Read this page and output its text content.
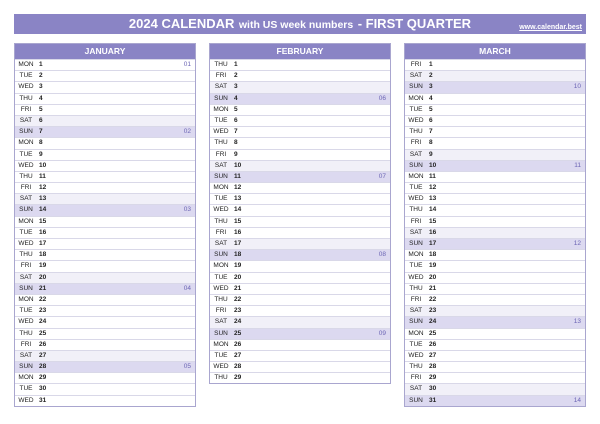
2024 CALENDAR with US week numbers - FIRST QUARTER	www.calendar.best
JANUARY
MON 1	01
TUE	2
WED 3
THU 4
FRI	5
SAT	6
SUN 7	02
MON 8
TUE	9
WED 10
THU 11
FRI	12
SAT	13
SUN 14	03
MON 15
TUE	16
WED 17
THU 18
FRI	19
SAT	20
SUN 21	04
MON 22
TUE	23
WED 24
THU 25
FRI	26
SAT	27
SUN 28	05
MON 29
TUE	30
WED 31
FEBRUARY
THU 1
FRI	2
SAT	3
SUN 4	06
MON 5
TUE	6
WED 7
THU 8
FRI	9
SAT	10
SUN 11	07
MON 12
TUE	13
WED 14
THU 15
FRI	16
SAT	17
SUN 18	08
MON 19
TUE	20
WED 21
THU 22
FRI	23
SAT	24
SUN 25	09
MON 26
TUE	27
WED 28
THU 29
MARCH
FRI	1
SAT	2
SUN 3	10
MON 4
TUE	5
WED 6
THU 7
FRI	8
SAT	9
SUN 10	11
MON 11
TUE	12
WED 13
THU 14
FRI	15
SAT	16
SUN 17	12
MON 18
TUE	19
WED 20
THU 21
FRI	22
SAT	23
SUN 24	13
MON 25
TUE	26
WED 27
THU 28
FRI	29
SAT	30
SUN 31	14
